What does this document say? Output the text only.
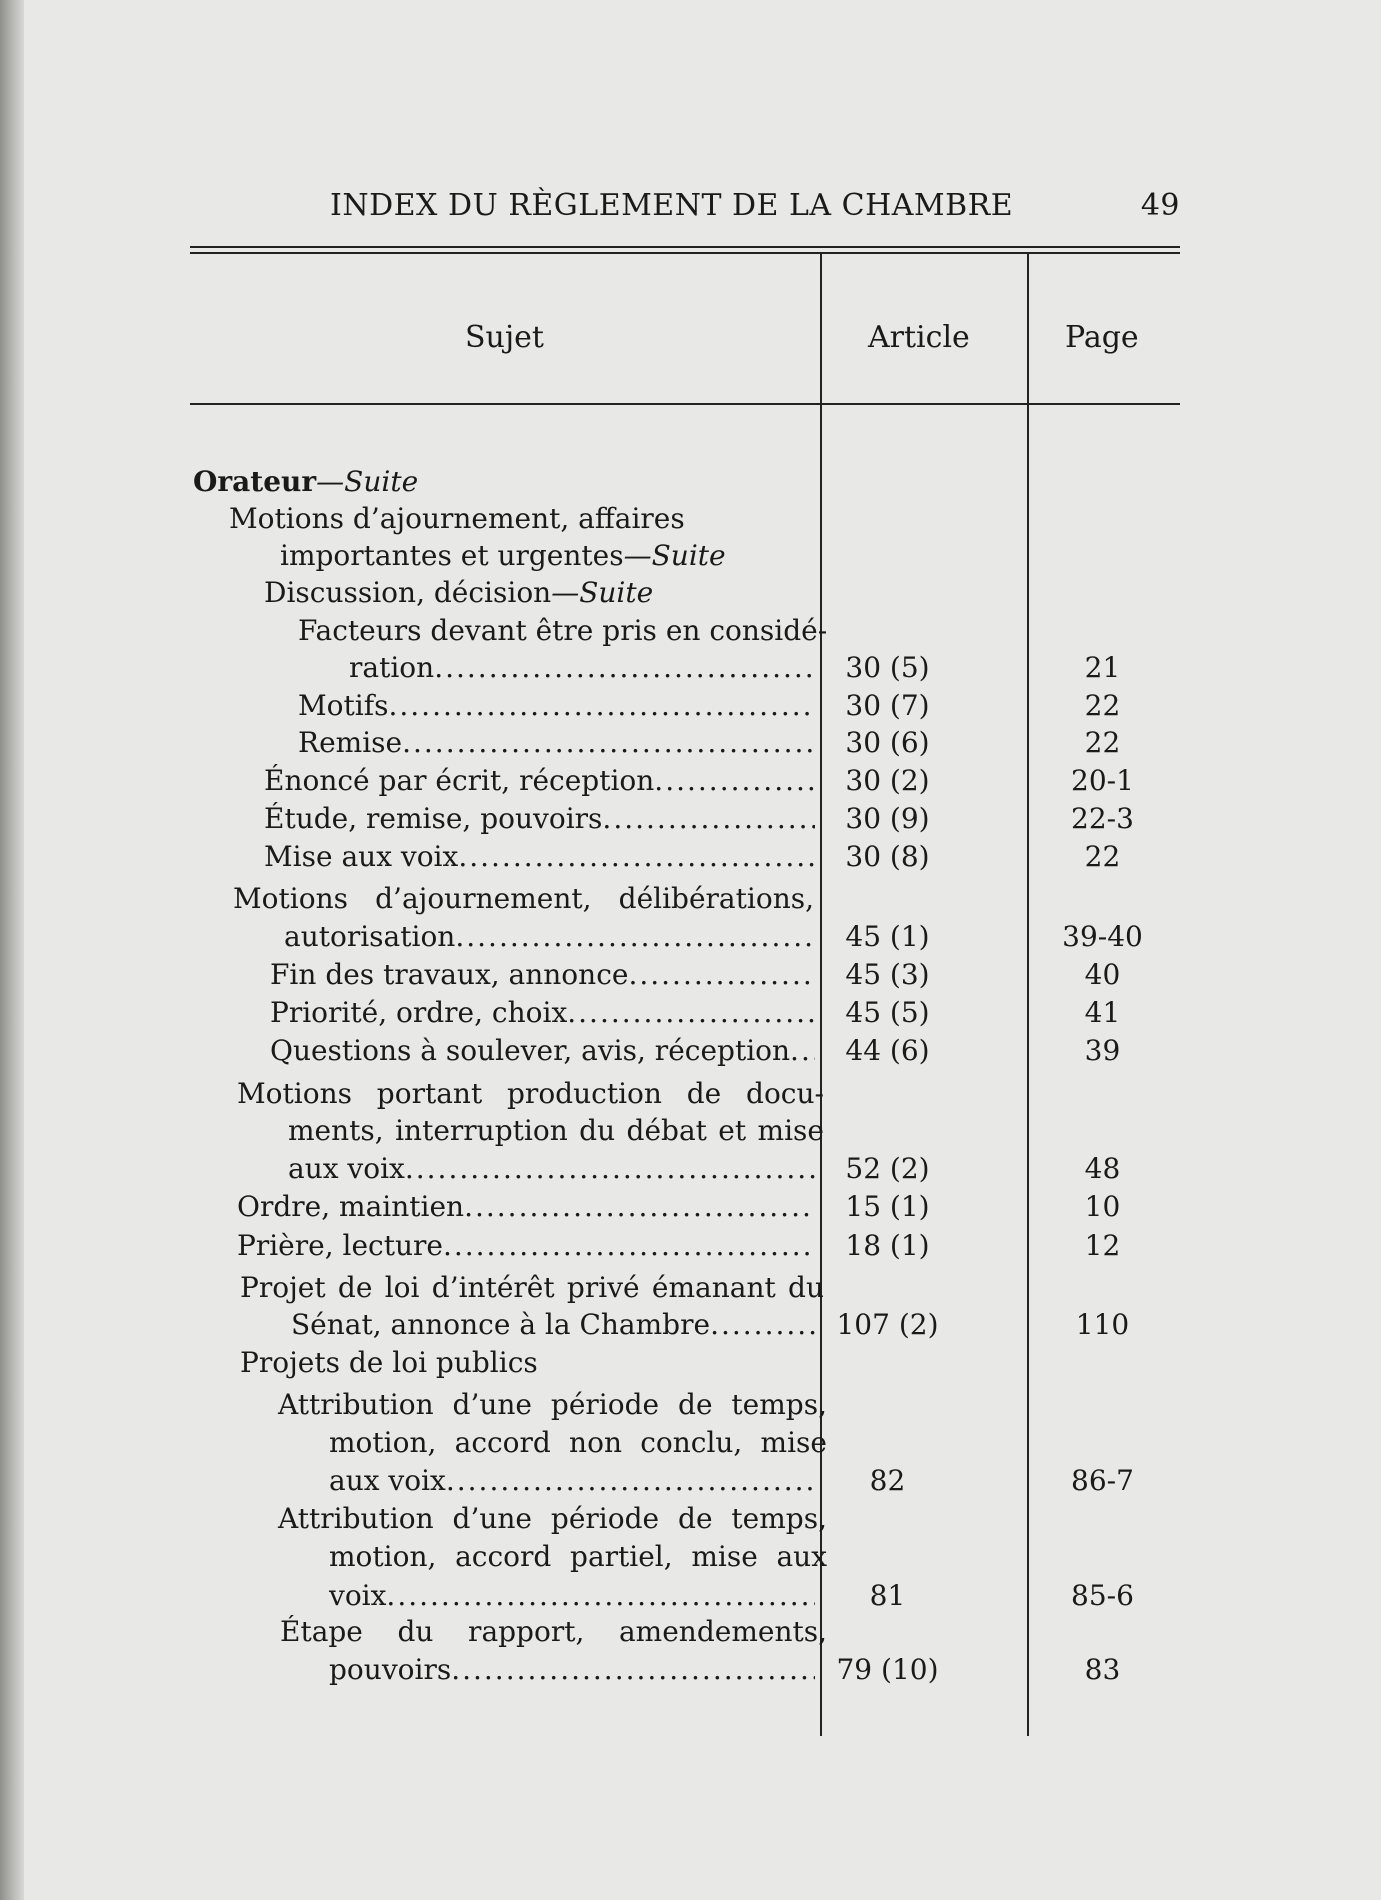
INDEX DU RÈGLEMENT DE LA CHAMBRE	49
Sujet	Article	Page
Orateur—Suite
Motions d’ajournement, affaires
importantes et urgentes—Suite
Discussion, décision—Suite
Facteurs devant être pris en considé-
ration .....	30 (5)	21
Motifs .....	30 (7)	22
Remise .....	30 (6)	22
Énoncé par écrit, réception .....	30 (2)	20-1
Étude, remise, pouvoirs .....	30 (9)	22-3
Mise aux voix .....	30 (8)	22
Motions d’ajournement, délibérations,
autorisation .....	45 (1)	39-40
Fin des travaux, annonce .....	45 (3)	40
Priorité, ordre, choix .....	45 (5)	41
Questions à soulever, avis, réception .....	44 (6)	39
Motions portant production de docu-
ments, interruption du débat et mise
aux voix .....	52 (2)	48
Ordre, maintien .....	15 (1)	10
Prière, lecture .....	18 (1)	12
Projet de loi d’intérêt privé émanant du
Sénat, annonce à la Chambre .....	107 (2)	110
Projets de loi publics
Attribution d’une période de temps,
motion, accord non conclu, mise
aux voix .....	82	86-7
Attribution d’une période de temps,
motion, accord partiel, mise aux
voix .....	81	85-6
Étape du rapport, amendements,
pouvoirs .....	79 (10)	83
